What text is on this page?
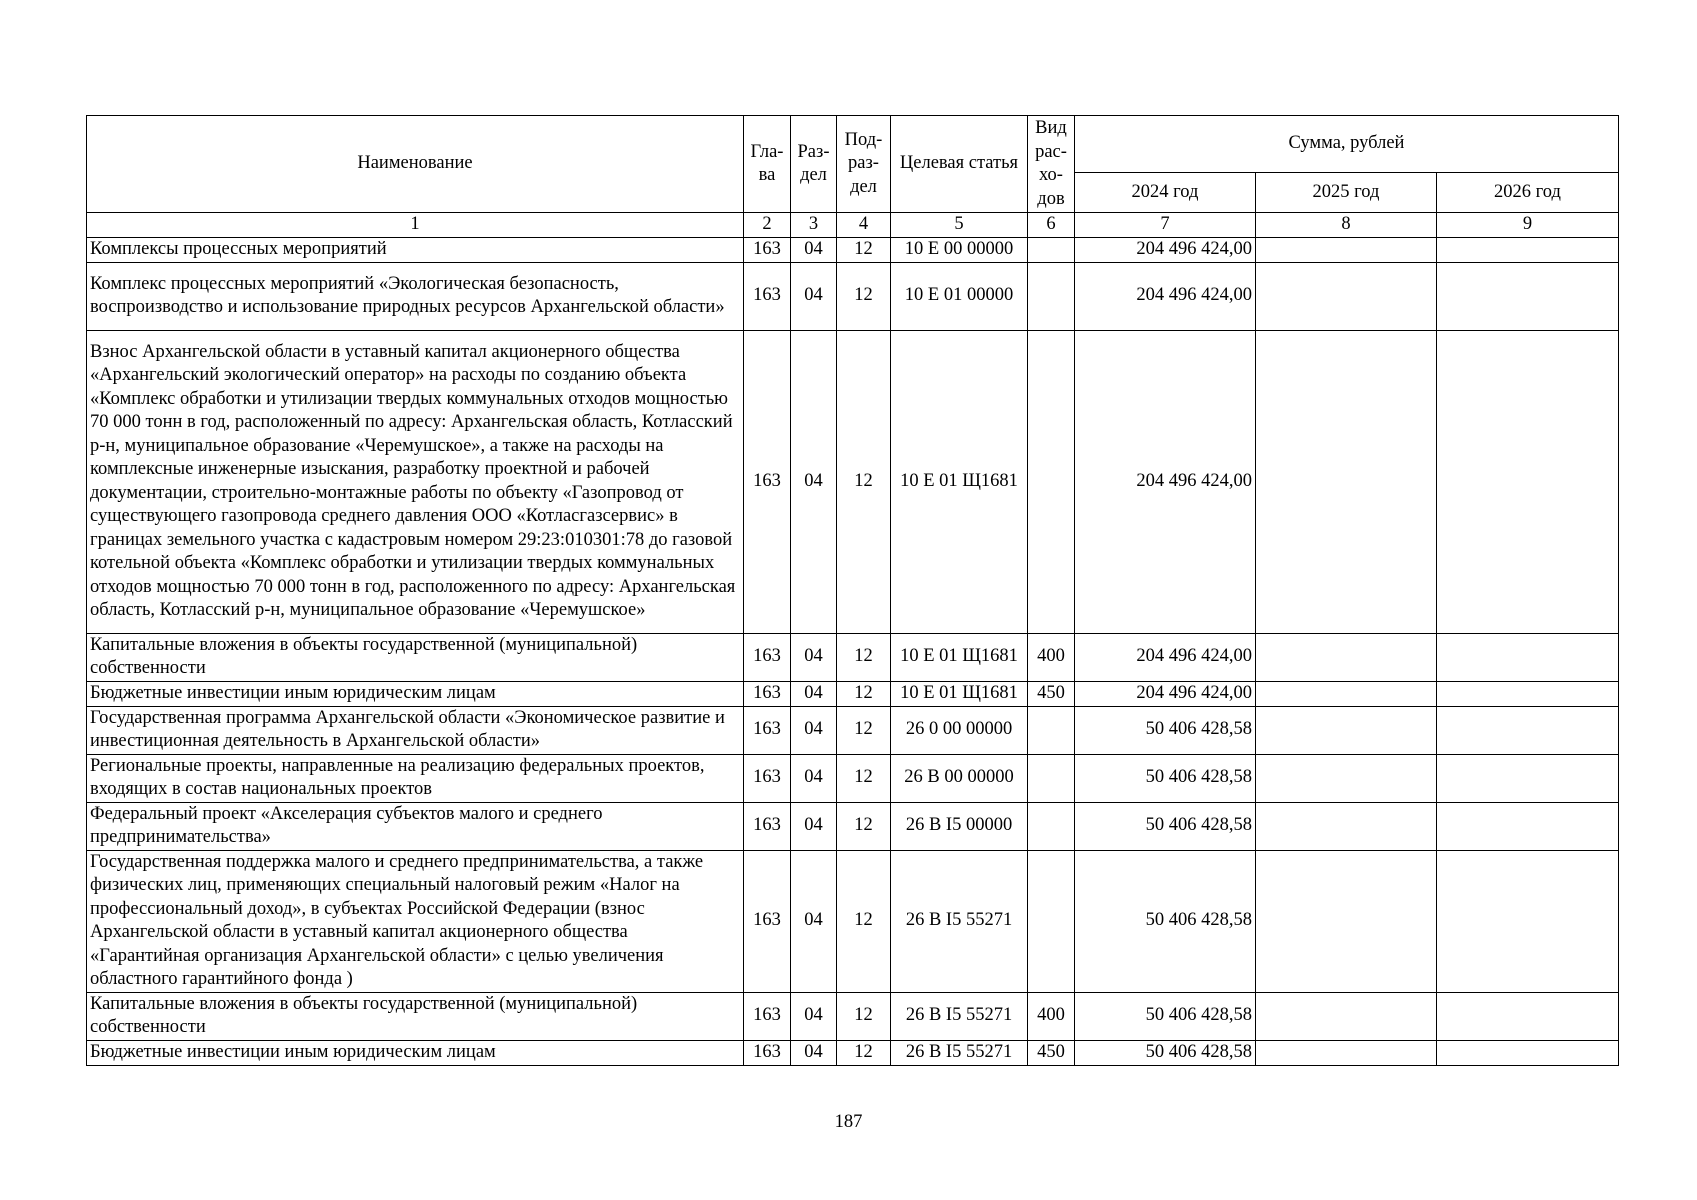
Наименование	Гла-ва	Раз-дел	Под-раз-дел	Целевая статья	Вид рас-хо-дов	Сумма, рублей		
						2024 год	2025 год	2026 год
1	2	3	4	5	6	7	8	9
Комплексы процессных мероприятий	163	04	12	10 Е 00 00000		204 496 424,00		
Комплекс процессных мероприятий «Экологическая безопасность, воспроизводство и использование природных ресурсов Архангельской области»	163	04	12	10 Е 01 00000		204 496 424,00		
Взнос Архангельской области в уставный капитал акционерного общества «Архангельский экологический оператор» на расходы по созданию объекта «Комплекс обработки и утилизации твердых коммунальных отходов мощностью 70 000 тонн в год, расположенный по адресу: Архангельская область, Котласский р-н, муниципальное образование «Черемушское», а также на расходы на комплексные инженерные изыскания, разработку проектной и рабочей документации, строительно-монтажные работы по объекту «Газопровод от существующего газопровода среднего давления ООО «Котласгазсервис» в границах земельного участка с кадастровым номером 29:23:010301:78 до газовой котельной объекта «Комплекс обработки и утилизации твердых коммунальных отходов мощностью 70 000 тонн в год, расположенного по адресу: Архангельская область, Котласский р-н, муниципальное образование «Черемушское»	163	04	12	10 Е 01 Щ1681		204 496 424,00		
Капитальные вложения в объекты государственной (муниципальной) собственности	163	04	12	10 Е 01 Щ1681	400	204 496 424,00		
Бюджетные инвестиции иным юридическим лицам	163	04	12	10 Е 01 Щ1681	450	204 496 424,00		
Государственная программа Архангельской области «Экономическое развитие и инвестиционная деятельность в Архангельской области»	163	04	12	26 0 00 00000		50 406 428,58		
Региональные проекты, направленные на реализацию федеральных проектов, входящих в состав национальных проектов	163	04	12	26 В 00 00000		50 406 428,58		
Федеральный проект «Акселерация субъектов малого и среднего предпринимательства»	163	04	12	26 В I5 00000		50 406 428,58		
Государственная поддержка малого и среднего предпринимательства, а также физических лиц, применяющих специальный налоговый режим «Налог на профессиональный доход», в субъектах Российской Федерации (взнос Архангельской области в уставный капитал акционерного общества «Гарантийная организация Архангельской области» с целью увеличения областного гарантийного фонда )	163	04	12	26 В I5 55271		50 406 428,58		
Капитальные вложения в объекты государственной (муниципальной) собственности	163	04	12	26 В I5 55271	400	50 406 428,58		
Бюджетные инвестиции иным юридическим лицам	163	04	12	26 В I5 55271	450	50 406 428,58		
187
